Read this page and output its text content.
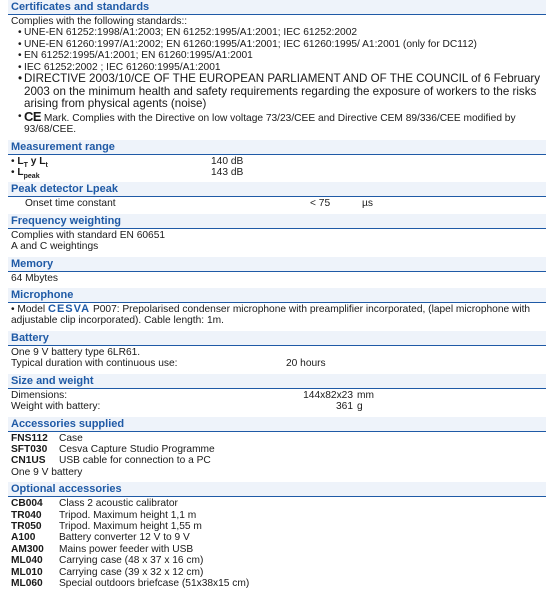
Certificates and standards
Complies with the following standards::
• UNE-EN 61252:1998/A1:2003; EN 61252:1995/A1:2001; IEC 61252:2002
• UNE-EN 61260:1997/A1:2002; EN 61260:1995/A1:2001; IEC 61260:1995/ A1:2001 (only for DC112)
• EN 61252:1995/A1:2001; EN 61260:1995/A1:2001
• IEC 61252:2002 ; IEC 61260:1995/A1:2001
• DIRECTIVE 2003/10/CE OF THE EUROPEAN PARLIAMENT AND OF THE COUNCIL of 6 February 2003 on the minimum health and safety requirements regarding the exposure of workers to the risks arising from physical agents (noise)
• CE Mark. Complies with the Directive on low voltage 73/23/CEE and Directive CEM 89/336/CEE modified by 93/68/CEE.
Measurement range
• $L_T$ y $L_t$	140 dB
• $L_{peak}$	143 dB
Peak detector Lpeak
Onset time constant	< 75	µs
Frequency weighting
Complies with standard EN 60651
A and C weightings
Memory
64 Mbytes
Microphone
• Model CESVA P007: Prepolarised condenser microphone with preamplifier incorporated, (lapel microphone with adjustable clip incorporated). Cable length: 1m.
Battery
One 9 V battery type 6LR61.
Typical duration with continuous use:	20 hours
Size and weight
Dimensions:	144x82x23 mm
Weight with battery:	361 g
Accessories supplied
FNS112	Case
SFT030	Cesva Capture Studio Programme
CN1US	USB cable for connection to a PC
One 9 V battery
Optional accessories
CB004	Class 2 acoustic calibrator
TR040	Tripod. Maximum height 1,1 m
TR050	Tripod. Maximum height 1,55 m
A100	Battery converter 12 V to 9 V
AM300	Mains power feeder with USB
ML040	Carrying case (48 x 37 x 16 cm)
ML010	Carrying case (39 x 32 x 12 cm)
ML060	Special outdoors briefcase (51x38x15 cm)
